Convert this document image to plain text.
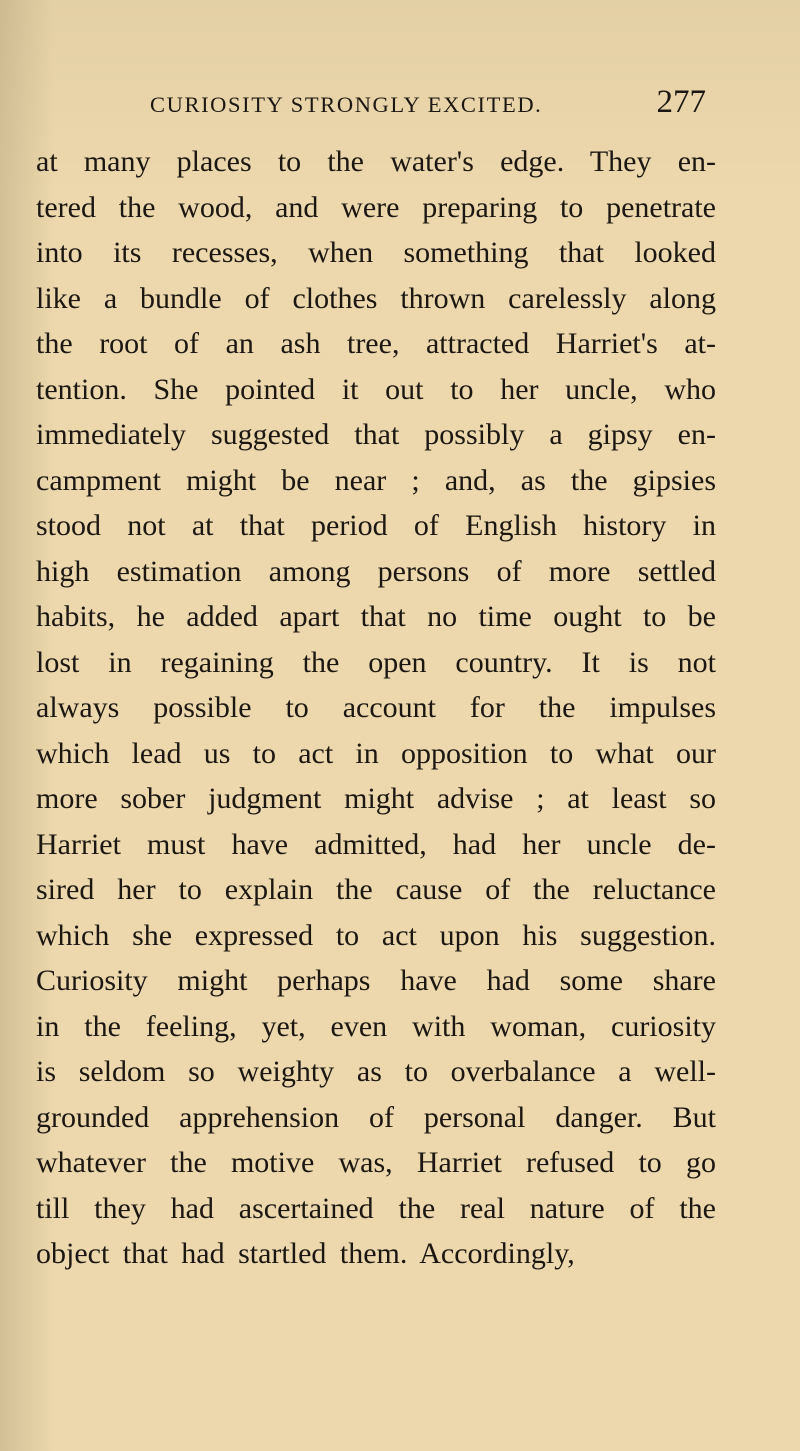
CURIOSITY STRONGLY EXCITED.	277
at many places to the water's edge. They en-
tered the wood, and were preparing to penetrate
into its recesses, when something that looked
like a bundle of clothes thrown carelessly along
the root of an ash tree, attracted Harriet's at-
tention. She pointed it out to her uncle, who
immediately suggested that possibly a gipsy en-
campment might be near ; and, as the gipsies
stood not at that period of English history in
high estimation among persons of more settled
habits, he added apart that no time ought to be
lost in regaining the open country. It is not
always possible to account for the impulses
which lead us to act in opposition to what our
more sober judgment might advise ; at least so
Harriet must have admitted, had her uncle de-
sired her to explain the cause of the reluctance
which she expressed to act upon his suggestion.
Curiosity might perhaps have had some share
in the feeling, yet, even with woman, curiosity
is seldom so weighty as to overbalance a well-
grounded apprehension of personal danger. But
whatever the motive was, Harriet refused to go
till they had ascertained the real nature of the
object that had startled them. Accordingly,
